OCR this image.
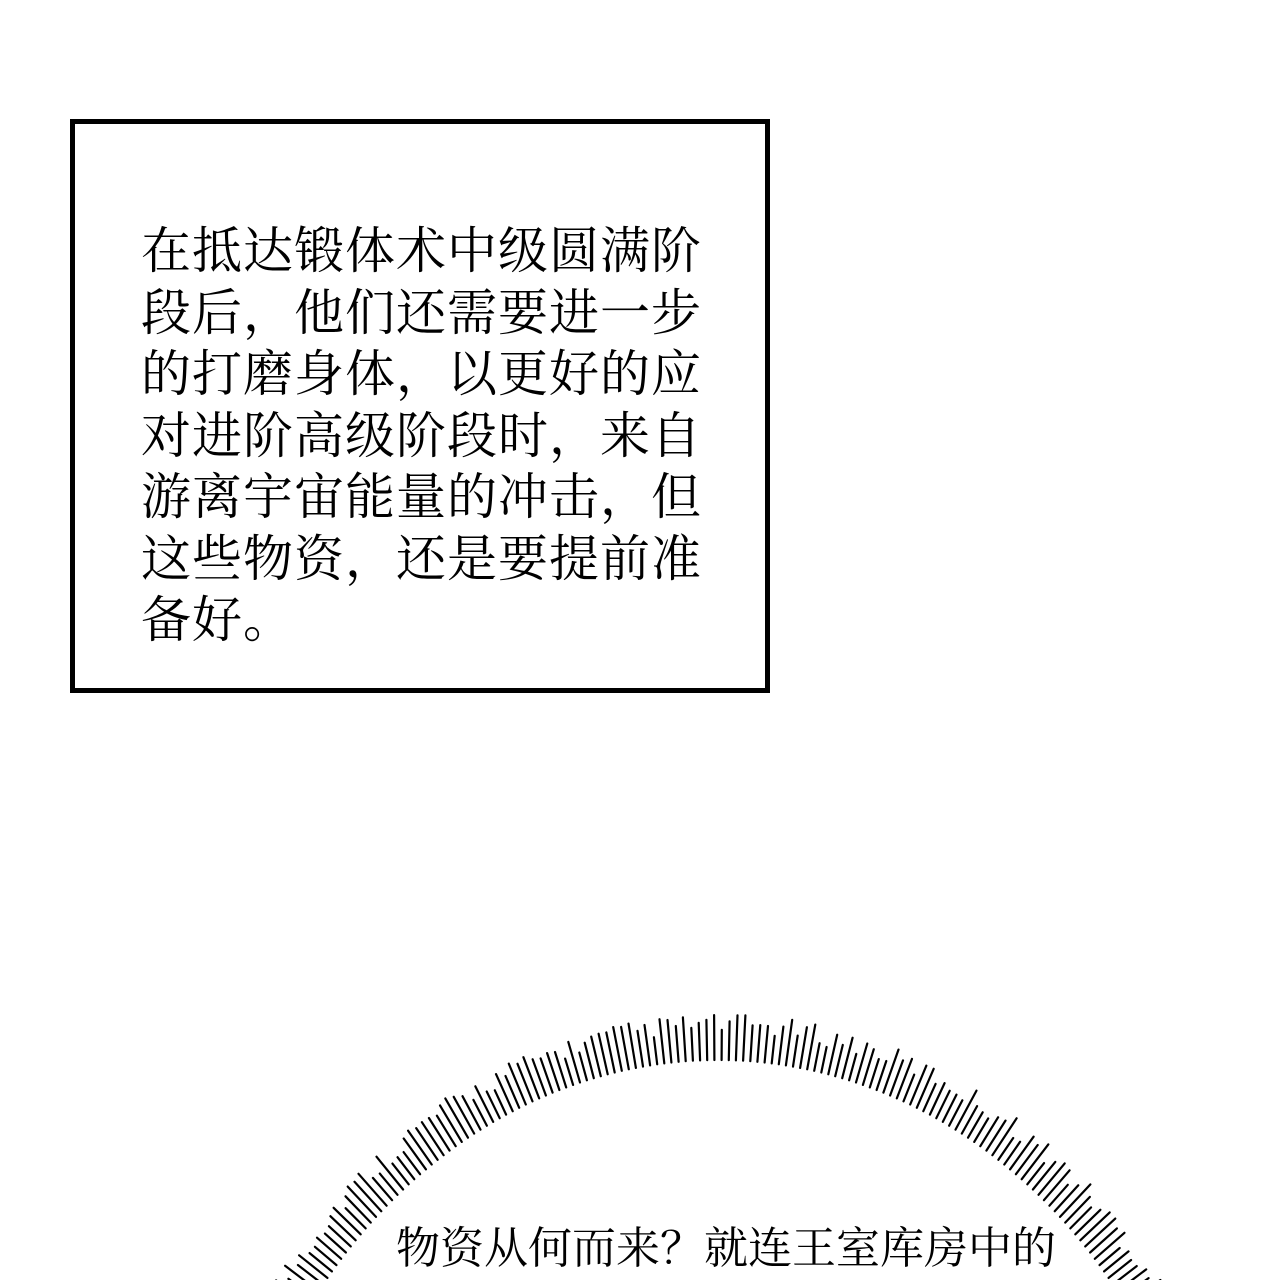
在抵达锻体术中级圆满阶
段后，他们还需要进一步
的打磨身体，以更好的应
对进阶高级阶段时，来自
游离宇宙能量的冲击，但
这些物资，还是要提前准
备好。

物资从何而来？就连王室库房中的
